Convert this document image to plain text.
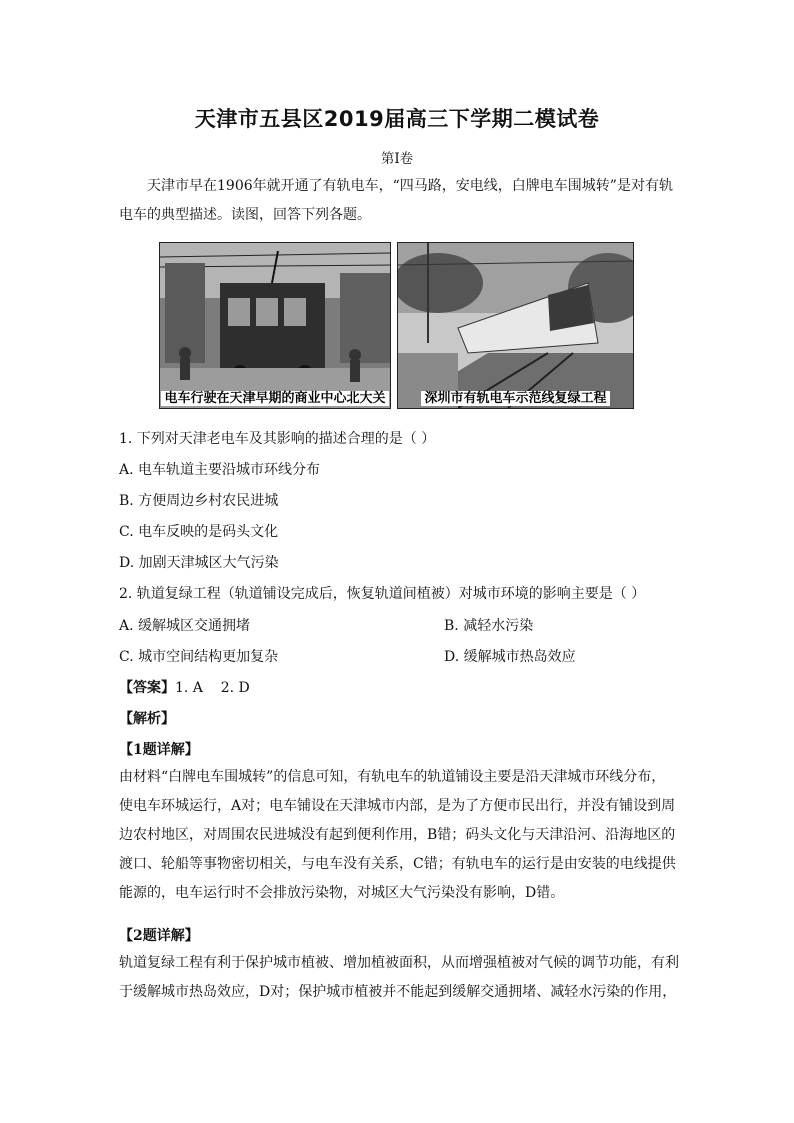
天津市五县区2019届高三下学期二模试卷
第I卷
天津市早在1906年就开通了有轨电车，“四马路，安电线，白牌电车围城转”是对有轨电车的典型描述。读图，回答下列各题。
电车行驶在天津早期的商业中心北大关	深圳市有轨电车示范线复绿工程
1. 下列对天津老电车及其影响的描述合理的是（ ）
A. 电车轨道主要沿城市环线分布
B. 方便周边乡村农民进城
C. 电车反映的是码头文化
D. 加剧天津城区大气污染
2. 轨道复绿工程（轨道铺设完成后，恢复轨道间植被）对城市环境的影响主要是（ ）
A. 缓解城区交通拥堵	B. 减轻水污染
C. 城市空间结构更加复杂	D. 缓解城市热岛效应
【答案】1. A    2. D
【解析】
【1题详解】
由材料“白牌电车围城转”的信息可知，有轨电车的轨道铺设主要是沿天津城市环线分布，使电车环城运行，A对；电车铺设在天津城市内部，是为了方便市民出行，并没有铺设到周边农村地区，对周围农民进城没有起到便利作用，B错；码头文化与天津沿河、沿海地区的渡口、轮船等事物密切相关，与电车没有关系，C错；有轨电车的运行是由安装的电线提供能源的，电车运行时不会排放污染物，对城区大气污染没有影响，D错。
【2题详解】
轨道复绿工程有利于保护城市植被、增加植被面积，从而增强植被对气候的调节功能，有利于缓解城市热岛效应，D对；保护城市植被并不能起到缓解交通拥堵、减轻水污染的作用，
